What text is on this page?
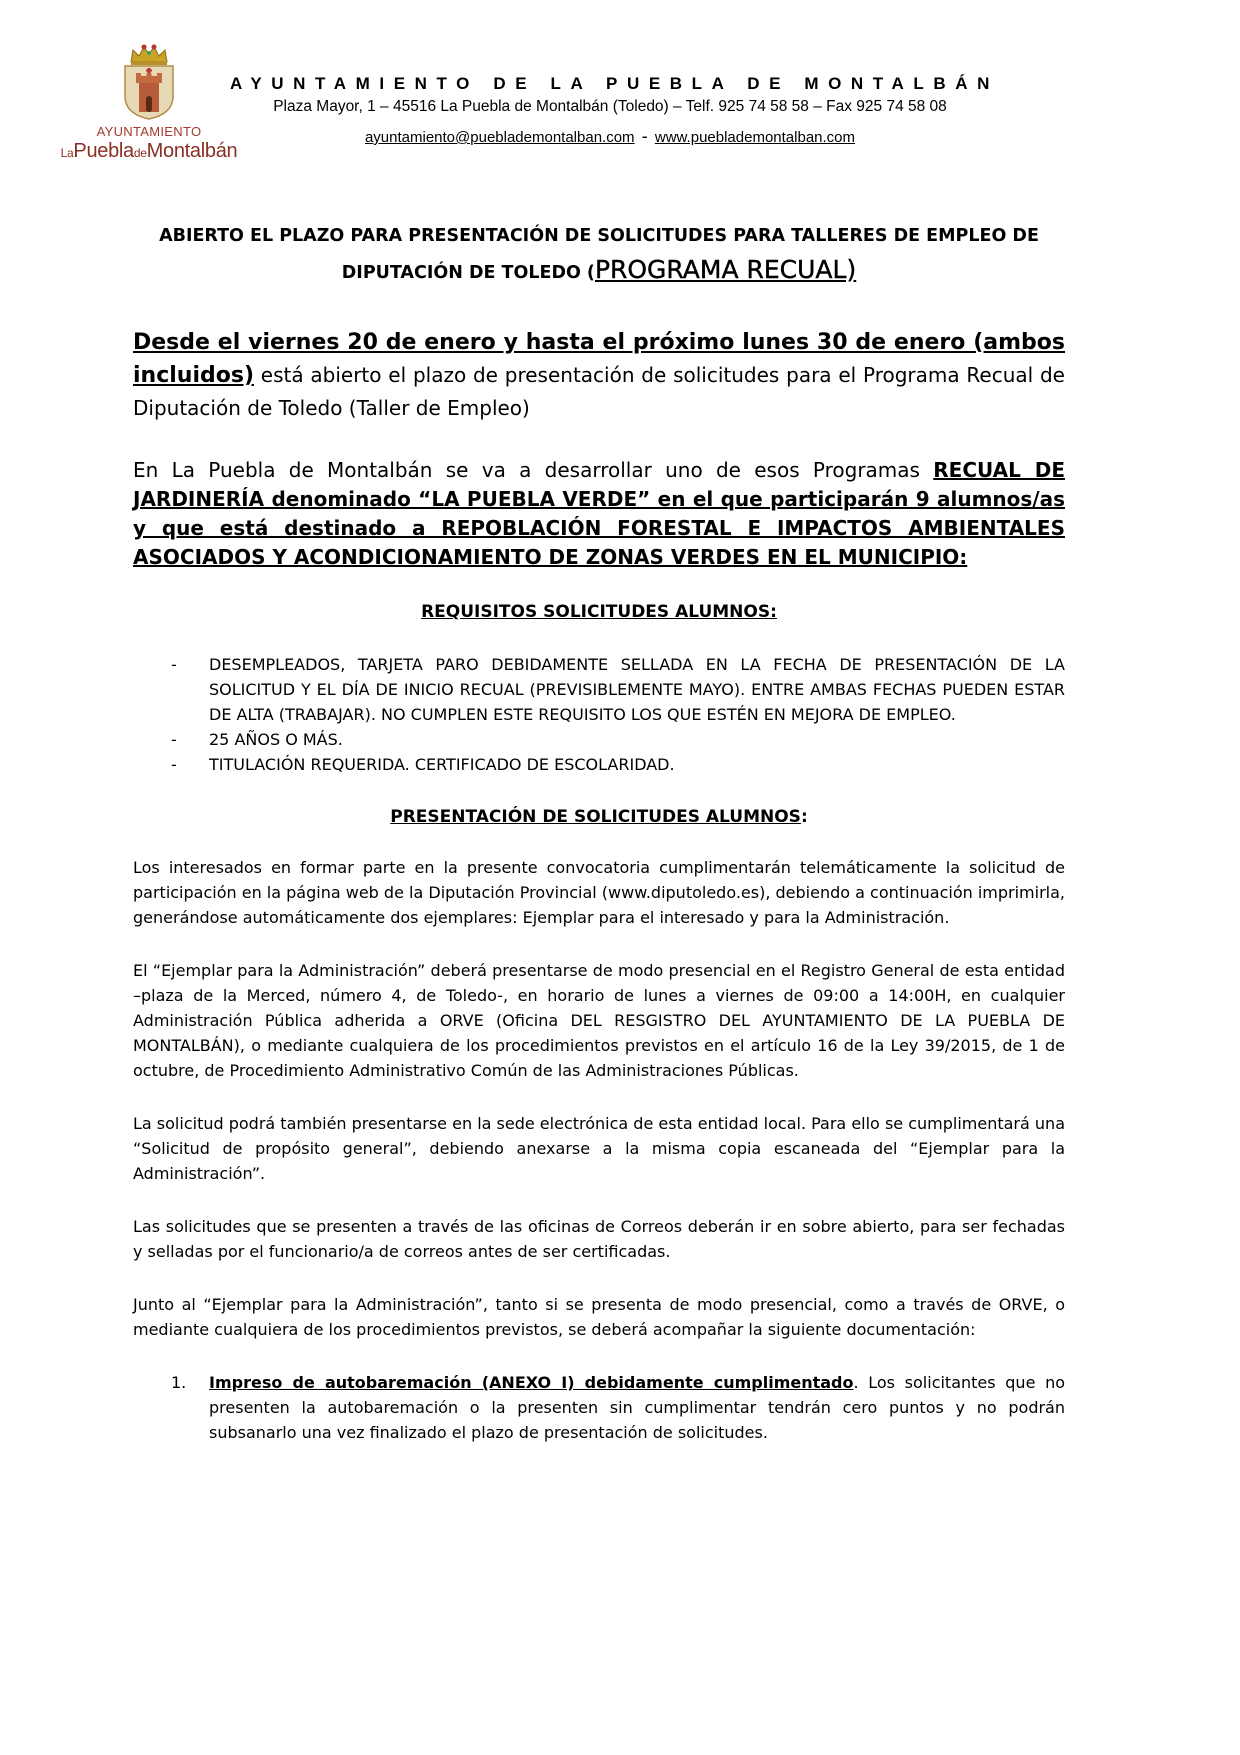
AYUNTAMIENTO
LaPuebladeMontalbán
AYUNTAMIENTO DE LA PUEBLA DE MONTALBÁN
Plaza Mayor, 1 – 45516 La Puebla de Montalbán (Toledo) – Telf. 925 74 58 58 – Fax 925 74 58 08
ayuntamiento@pueblademontalban.com - www.pueblademontalban.com

ABIERTO EL PLAZO PARA PRESENTACIÓN DE SOLICITUDES PARA TALLERES DE EMPLEO DE
DIPUTACIÓN DE TOLEDO (PROGRAMA RECUAL)

Desde el viernes 20 de enero y hasta el próximo lunes 30 de enero (ambos incluidos) está abierto el plazo de presentación de solicitudes para el Programa Recual de Diputación de Toledo (Taller de Empleo)

En La Puebla de Montalbán se va a desarrollar uno de esos Programas RECUAL DE JARDINERÍA denominado “LA PUEBLA VERDE” en el que participarán 9 alumnos/as y que está destinado a REPOBLACIÓN FORESTAL E IMPACTOS AMBIENTALES ASOCIADOS Y ACONDICIONAMIENTO DE ZONAS VERDES EN EL MUNICIPIO:

REQUISITOS SOLICITUDES ALUMNOS:

- DESEMPLEADOS, TARJETA PARO DEBIDAMENTE SELLADA EN LA FECHA DE PRESENTACIÓN DE LA SOLICITUD Y EL DÍA DE INICIO RECUAL (PREVISIBLEMENTE MAYO). ENTRE AMBAS FECHAS PUEDEN ESTAR DE ALTA (TRABAJAR). NO CUMPLEN ESTE REQUISITO LOS QUE ESTÉN EN MEJORA DE EMPLEO.
- 25 AÑOS O MÁS.
- TITULACIÓN REQUERIDA. CERTIFICADO DE ESCOLARIDAD.

PRESENTACIÓN DE SOLICITUDES ALUMNOS:

Los interesados en formar parte en la presente convocatoria cumplimentarán telemáticamente la solicitud de participación en la página web de la Diputación Provincial (www.diputoledo.es), debiendo a continuación imprimirla, generándose automáticamente dos ejemplares: Ejemplar para el interesado y para la Administración.

El “Ejemplar para la Administración” deberá presentarse de modo presencial en el Registro General de esta entidad –plaza de la Merced, número 4, de Toledo-, en horario de lunes a viernes de 09:00 a 14:00H, en cualquier Administración Pública adherida a ORVE (Oficina DEL RESGISTRO DEL AYUNTAMIENTO DE LA PUEBLA DE MONTALBÁN), o mediante cualquiera de los procedimientos previstos en el artículo 16 de la Ley 39/2015, de 1 de octubre, de Procedimiento Administrativo Común de las Administraciones Públicas.

La solicitud podrá también presentarse en la sede electrónica de esta entidad local. Para ello se cumplimentará una “Solicitud de propósito general”, debiendo anexarse a la misma copia escaneada del “Ejemplar para la Administración”.

Las solicitudes que se presenten a través de las oficinas de Correos deberán ir en sobre abierto, para ser fechadas y selladas por el funcionario/a de correos antes de ser certificadas.

Junto al “Ejemplar para la Administración”, tanto si se presenta de modo presencial, como a través de ORVE, o mediante cualquiera de los procedimientos previstos, se deberá acompañar la siguiente documentación:

1. Impreso de autobaremación (ANEXO I) debidamente cumplimentado. Los solicitantes que no presenten la autobaremación o la presenten sin cumplimentar tendrán cero puntos y no podrán subsanarlo una vez finalizado el plazo de presentación de solicitudes.
